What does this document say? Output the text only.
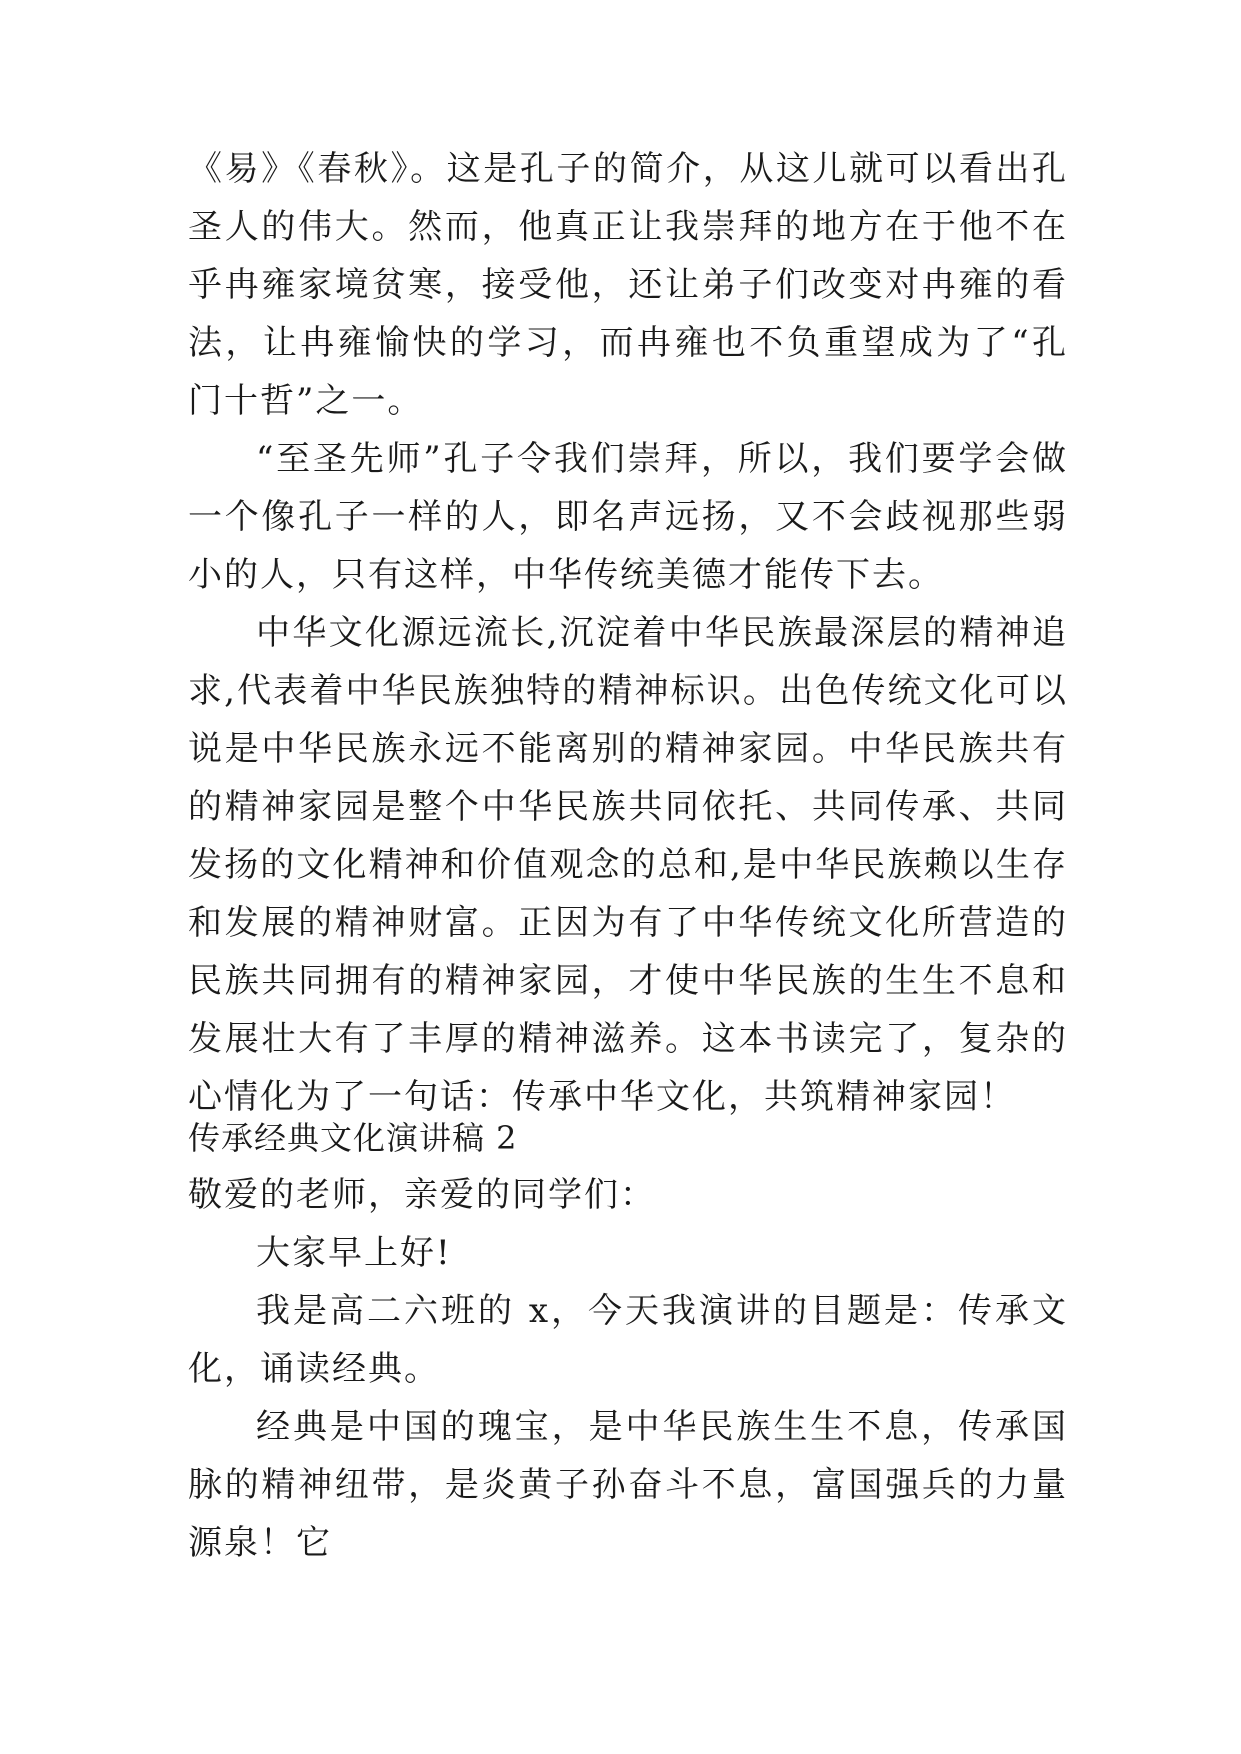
《易》《春秋》。这是孔子的简介，从这儿就可以看出孔圣人的伟大。然而，他真正让我崇拜的地方在于他不在乎冉雍家境贫寒，接受他，还让弟子们改变对冉雍的看法，让冉雍愉快的学习，而冉雍也不负重望成为了“孔门十哲”之一。

“至圣先师”孔子令我们崇拜，所以，我们要学会做一个像孔子一样的人，即名声远扬，又不会歧视那些弱小的人，只有这样，中华传统美德才能传下去。

中华文化源远流长,沉淀着中华民族最深层的精神追求,代表着中华民族独特的精神标识。出色传统文化可以说是中华民族永远不能离别的精神家园。中华民族共有的精神家园是整个中华民族共同依托、共同传承、共同发扬的文化精神和价值观念的总和,是中华民族赖以生存和发展的精神财富。正因为有了中华传统文化所营造的民族共同拥有的精神家园，才使中华民族的生生不息和发展壮大有了丰厚的精神滋养。这本书读完了，复杂的心情化为了一句话：传承中华文化，共筑精神家园！

传承经典文化演讲稿 2

敬爱的老师，亲爱的同学们：

大家早上好!

我是高二六班的 x，今天我演讲的目题是：传承文化，诵读经典。

经典是中国的瑰宝，是中华民族生生不息，传承国脉的精神纽带，是炎黄子孙奋斗不息，富国强兵的力量源泉！它
